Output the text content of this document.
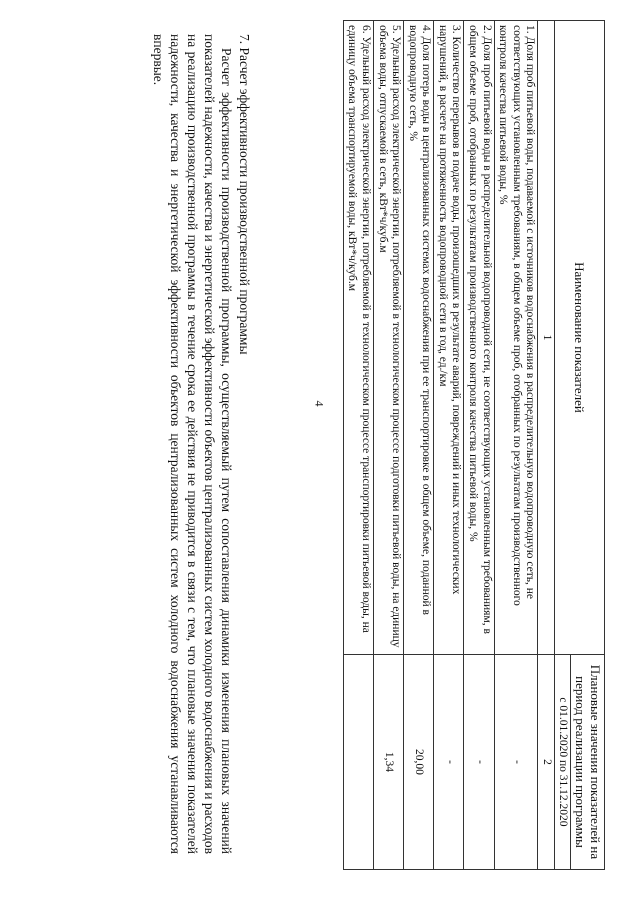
4	Наименование показателей	Плановые значения показателей на период реализации программы
	с 01.01.2020 по 31.12.2020
1	2
1. Доля проб питьевой воды, подаваемой с источников водоснабжения в распределительную водопроводную сеть, не соответствующих установленным требованиям, в общем объеме проб, отобранных по результатам производственного контроля качества питьевой воды, %	-
2. Доля проб питьевой воды в распределительной водопроводной сети, не соответствующих установленным требованиям, в общем объеме проб, отобранных по результатам производственного контроля качества питьевой воды, %	-
3. Количество перерывов в подаче воды, произошедших в результате аварий, повреждений и иных технологических нарушений, в расчете на протяженность водопроводной сети в год, ед./км	-
4. Доля потерь воды в централизованных системах водоснабжения при ее транспортировке в общем объеме, поданной в водопроводную сеть, %	20,00
5. Удельный расход электрической энергии, потребляемой в технологическом процессе подготовки питьевой воды, на единицу объема воды, отпускаемой в сеть, кВт*ч/куб.м	1,34
6. Удельный расход электрической энергии, потребляемой в технологическом процессе транспортировки питьевой воды, на единицу объема транспортируемой воды, кВт*ч/куб.м	

7. Расчет эффективности производственной программы

Расчет эффективности производственной программы, осуществляемый путем сопоставления динамики изменения плановых значений показателей надежности, качества и энергетической эффективности объектов централизованных систем холодного водоснабжения и расходов на реализацию производственной программы в течение срока ее действия не приводится в связи с тем, что плановые значения показателей надежности, качества и энергетической эффективности объектов централизованных систем холодного водоснабжения устанавливаются впервые.
